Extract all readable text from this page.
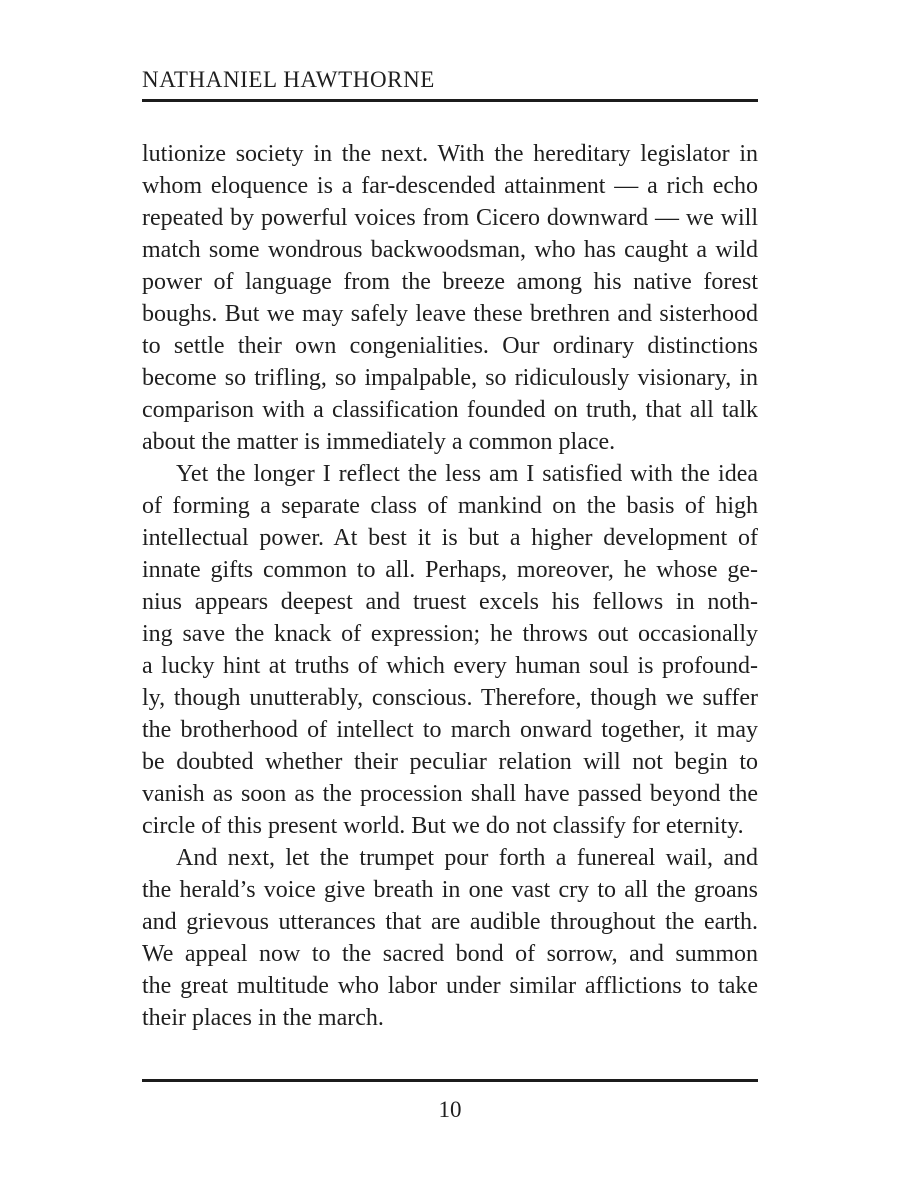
NATHANIEL HAWTHORNE
lutionize society in the next. With the hereditary legislator in
whom eloquence is a far-descended attainment — a rich echo
repeated by powerful voices from Cicero downward — we will
match some wondrous backwoodsman, who has caught a wild
power of language from the breeze among his native forest
boughs. But we may safely leave these brethren and sisterhood
to settle their own congenialities. Our ordinary distinctions
become so trifling, so impalpable, so ridiculously visionary, in
comparison with a classification founded on truth, that all talk
about the matter is immediately a common place.
Yet the longer I reflect the less am I satisfied with the idea
of forming a separate class of mankind on the basis of high
intellectual power. At best it is but a higher development of
innate gifts common to all. Perhaps, moreover, he whose ge-
nius appears deepest and truest excels his fellows in noth-
ing save the knack of expression; he throws out occasionally
a lucky hint at truths of which every human soul is profound-
ly, though unutterably, conscious. Therefore, though we suffer
the brotherhood of intellect to march onward together, it may
be doubted whether their peculiar relation will not begin to
vanish as soon as the procession shall have passed beyond the
circle of this present world. But we do not classify for eternity.
And next, let the trumpet pour forth a funereal wail, and
the herald’s voice give breath in one vast cry to all the groans
and grievous utterances that are audible throughout the earth.
We appeal now to the sacred bond of sorrow, and summon
the great multitude who labor under similar afflictions to take
their places in the march.
10
